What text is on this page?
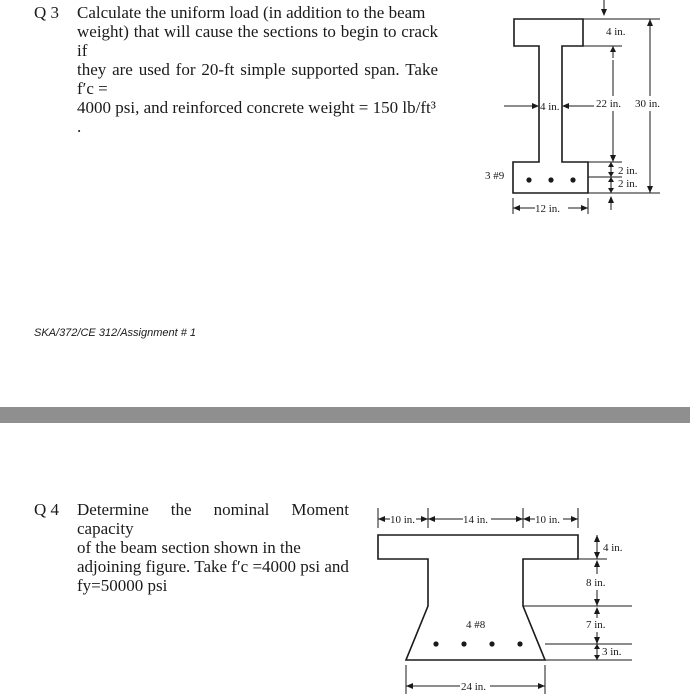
Q 3 Calculate the uniform load (in addition to the beam
weight) that will cause the sections to begin to crack if
they are used for 20-ft simple supported span. Take f′c =
4000 psi, and reinforced concrete weight = 150 lb/ft³ .
3 #9
4 in.
22 in. 30 in.
4 in.
2 in.
2 in.
12 in.
4 #8
10 in.	14 in.	10 in.
4 in.
8 in.
7 in.
3 in.
24 in.
SKA/372/CE 312/Assignment # 1
Q 4 Determine the nominal Moment capacity
of the beam section shown in the
adjoining figure. Take f′c =4000 psi and
fy=50000 psi
